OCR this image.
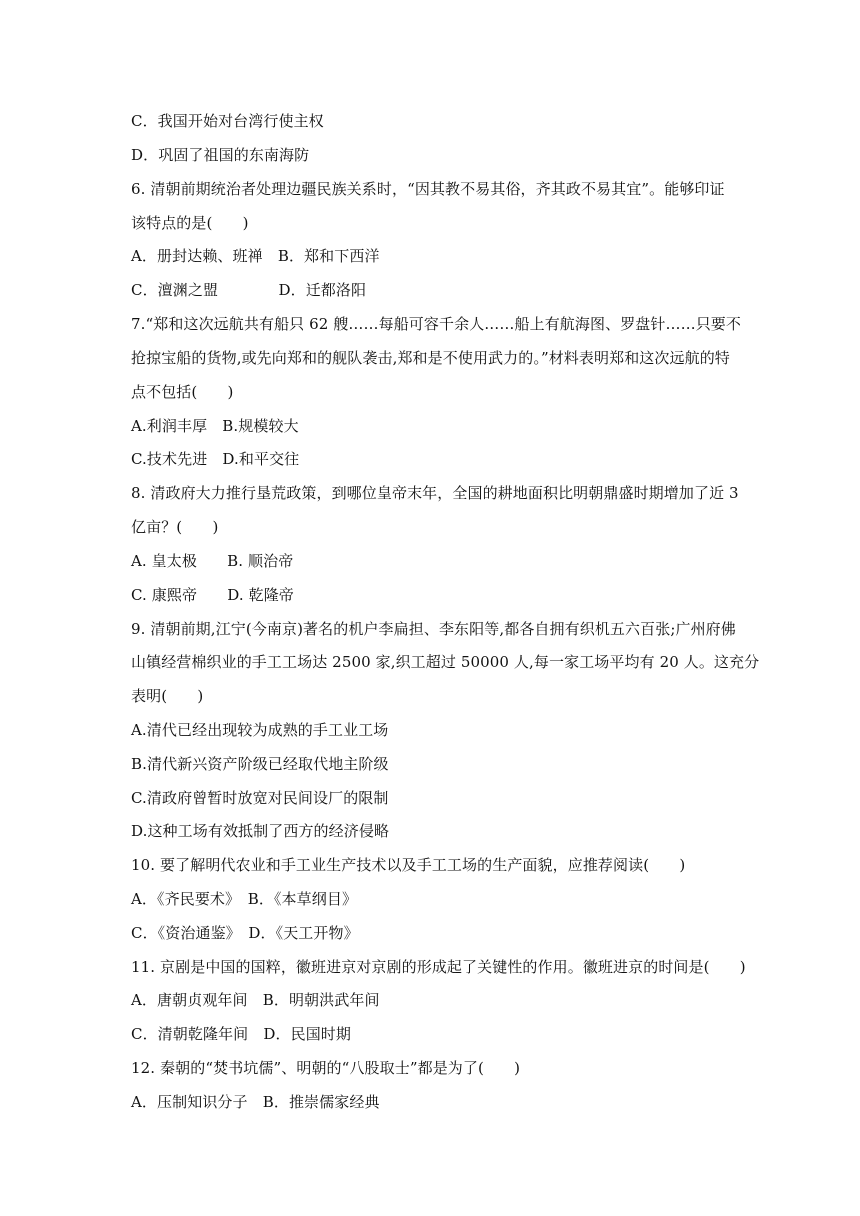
C．我国开始对台湾行使主权
D．巩固了祖国的东南海防
6. 清朝前期统治者处理边疆民族关系时，“因其教不易其俗，齐其政不易其宜”。能够印证
该特点的是(　　)
A．册封达赖、班禅　B．郑和下西洋
C．澶渊之盟　　　　D．迁都洛阳
7.“郑和这次远航共有船只 62 艘……每船可容千余人……船上有航海图、罗盘针……只要不
抢掠宝船的货物,或先向郑和的舰队袭击,郑和是不使用武力的。”材料表明郑和这次远航的特
点不包括(　　)
A.利润丰厚　B.规模较大
C.技术先进　D.和平交往
8. 清政府大力推行垦荒政策，到哪位皇帝末年，全国的耕地面积比明朝鼎盛时期增加了近 3
亿亩？(　　)
A. 皇太极　　B. 顺治帝
C. 康熙帝　　D. 乾隆帝
9. 清朝前期,江宁(今南京)著名的机户李扁担、李东阳等,都各自拥有织机五六百张;广州府佛
山镇经营棉织业的手工工场达 2500 家,织工超过 50000 人,每一家工场平均有 20 人。这充分
表明(　　)
A.清代已经出现较为成熟的手工业工场
B.清代新兴资产阶级已经取代地主阶级
C.清政府曾暂时放宽对民间设厂的限制
D.这种工场有效抵制了西方的经济侵略
10. 要了解明代农业和手工业生产技术以及手工工场的生产面貌，应推荐阅读(　　)
A．《齐民要术》　B．《本草纲目》
C．《资治通鉴》　D．《天工开物》
11. 京剧是中国的国粹，徽班进京对京剧的形成起了关键性的作用。徽班进京的时间是(　　)
A．唐朝贞观年间　B．明朝洪武年间
C．清朝乾隆年间　D．民国时期
12. 秦朝的“焚书坑儒”、明朝的“八股取士”都是为了(　　)
A．压制知识分子　B．推崇儒家经典
